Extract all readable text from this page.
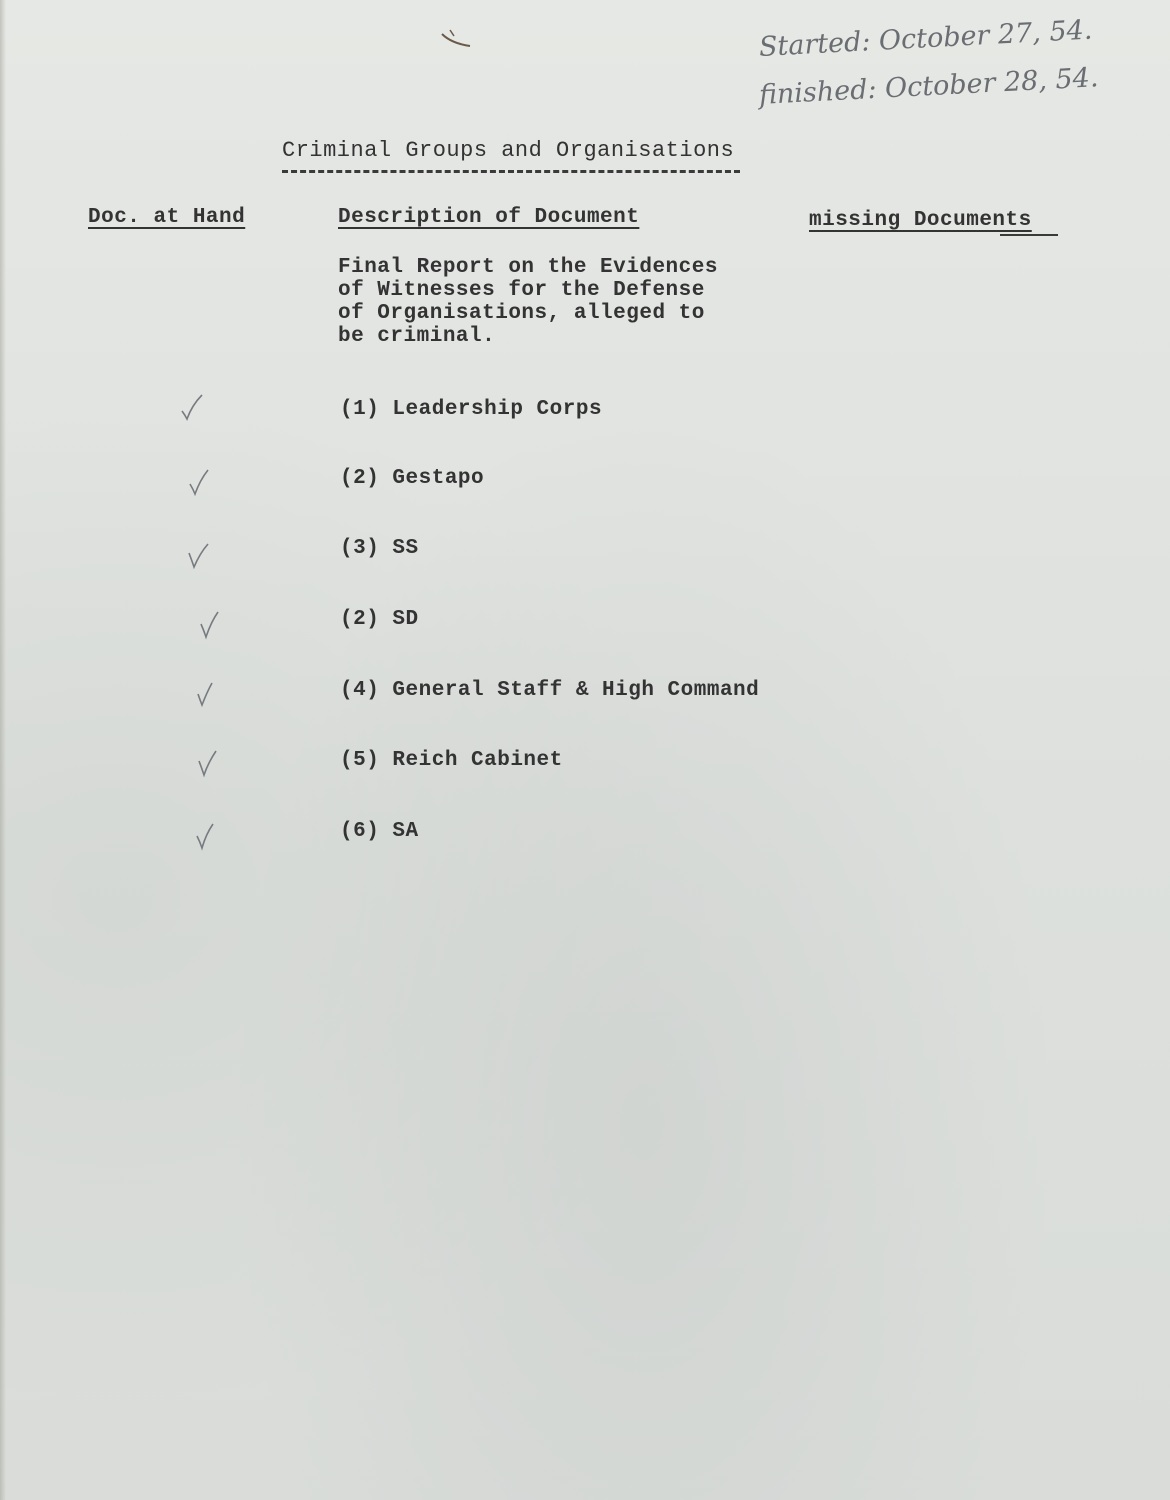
Started: October 27, 54.

finished: October 28, 54.

Criminal Groups and Organisations

Doc. at Hand	Description of Document	missing Documents

Final Report on the Evidences
of Witnesses for the Defense
of Organisations, alleged to
be criminal.

(1) Leadership Corps

(2) Gestapo

(3) SS

(2) SD

(4) General Staff & High Command

(5) Reich Cabinet

(6) SA
